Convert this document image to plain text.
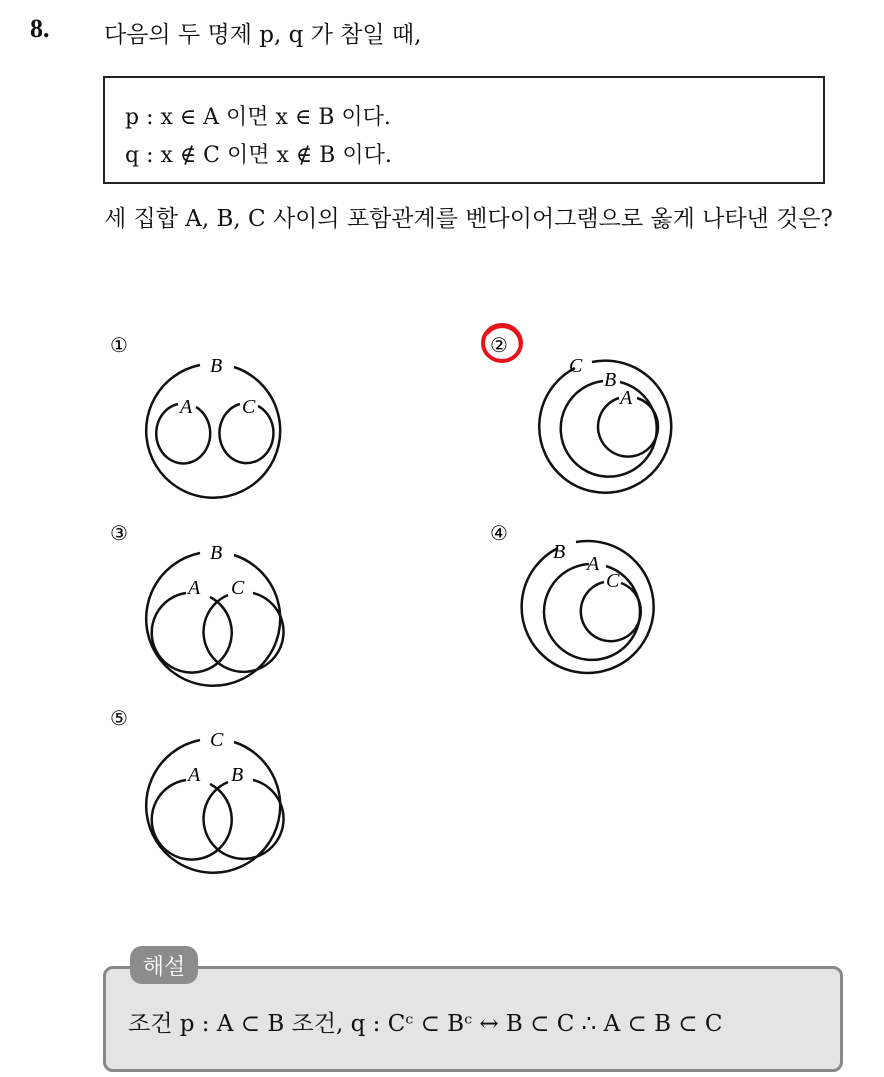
8. 다음의 두 명제 p, q 가 참일 때,
p : x ∈ A 이면 x ∈ B 이다.
q : x ∉ C 이면 x ∉ B 이다.
세 집합 A, B, C 사이의 포함관계를 벤다이어그램으로 옳게 나타낸 것은?
①	②
③	④
⑤
B
A C
C
B
A
B
A C
B
A
C
C
A B
조건 p : A ⊂ B 조건, q : Cᶜ ⊂ Bᶜ ↔ B ⊂ C ∴ A ⊂ B ⊂ C
해설
